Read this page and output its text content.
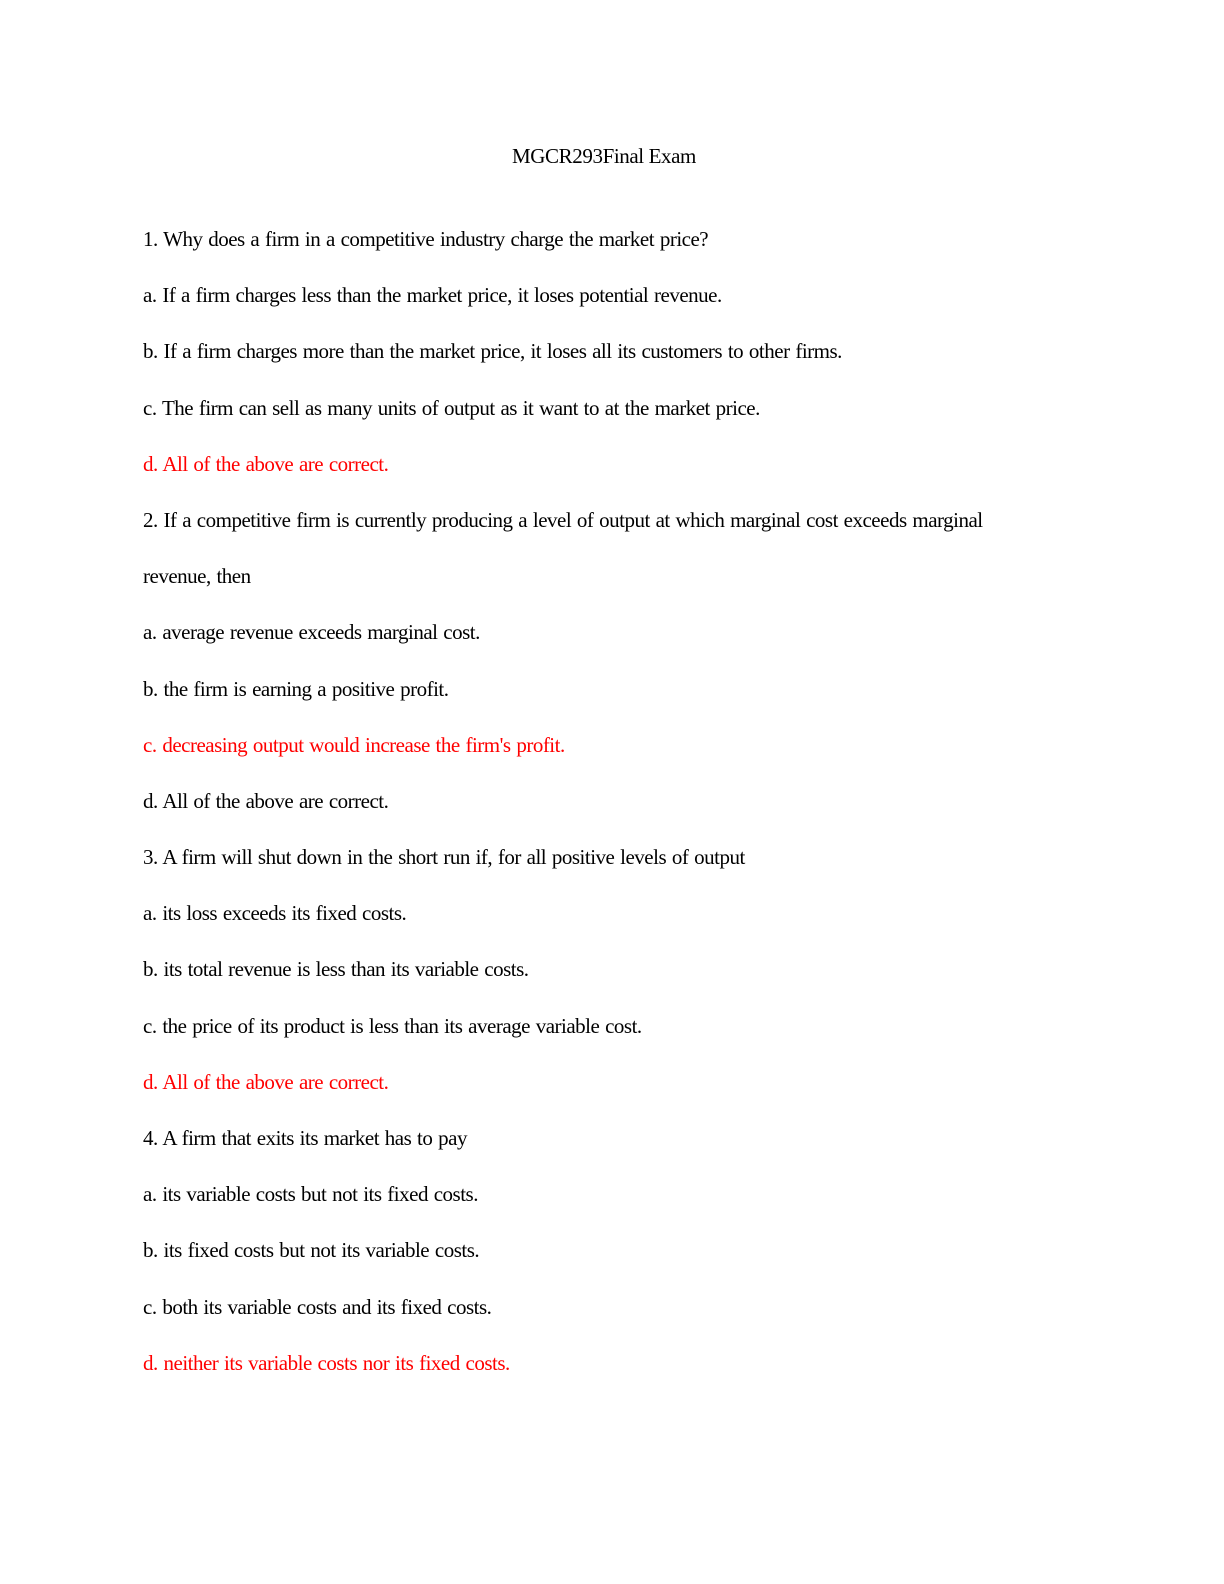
MGCR293Final Exam
1. Why does a firm in a competitive industry charge the market price?
a. If a firm charges less than the market price, it loses potential revenue.
b. If a firm charges more than the market price, it loses all its customers to other firms.
c. The firm can sell as many units of output as it want to at the market price.
d. All of the above are correct.
2. If a competitive firm is currently producing a level of output at which marginal cost exceeds marginal
revenue, then
a. average revenue exceeds marginal cost.
b. the firm is earning a positive profit.
c. decreasing output would increase the firm's profit.
d. All of the above are correct.
3. A firm will shut down in the short run if, for all positive levels of output
a. its loss exceeds its fixed costs.
b. its total revenue is less than its variable costs.
c. the price of its product is less than its average variable cost.
d. All of the above are correct.
4. A firm that exits its market has to pay
a. its variable costs but not its fixed costs.
b. its fixed costs but not its variable costs.
c. both its variable costs and its fixed costs.
d. neither its variable costs nor its fixed costs.
